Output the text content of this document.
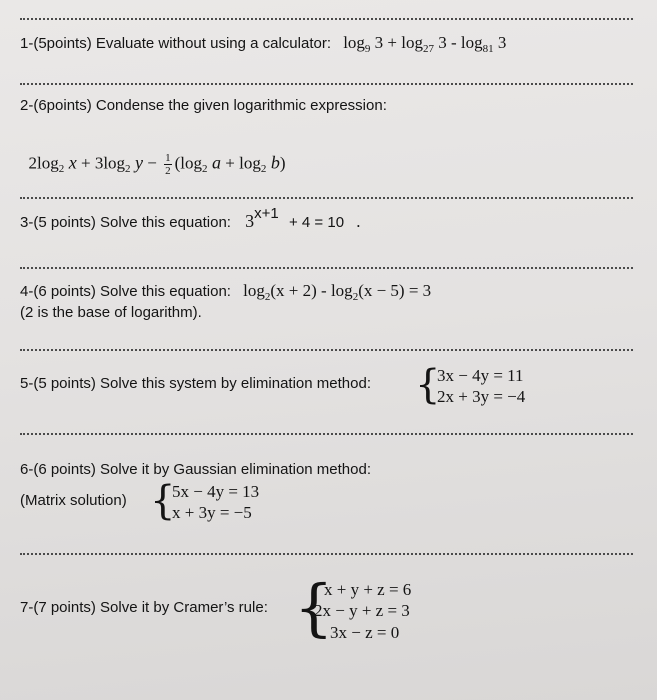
1-(5points) Evaluate without using a calculator: $\log_9 3 + \log_{27} 3 - \log_{81} 3$
2-(6points) Condense the given logarithmic expression:

$2\log_2$ $x + 3\log_2$ $y - \frac{1}{2} (\log_2$ $a + \log_2 b$)

3-(5 points) Solve this equation: 3x+1 + 4 = 10 .
4-(6 points) Solve this equation: $\log_2(x + 2) - \log_2(x - 5) = 3$
(2 is the base of logarithm).
5-(5 points) Solve this system by elimination method: {
3x − 4y = 11
2x + 3y = −4
6-(6 points) Solve it by Gaussian elimination method:
(Matrix solution) {
5x − 4y = 13
x + 3y = −5
7-(7 points) Solve it by Cramer’s rule: {
x + y + z = 6
2x − y + z = 3
3x − z = 0
